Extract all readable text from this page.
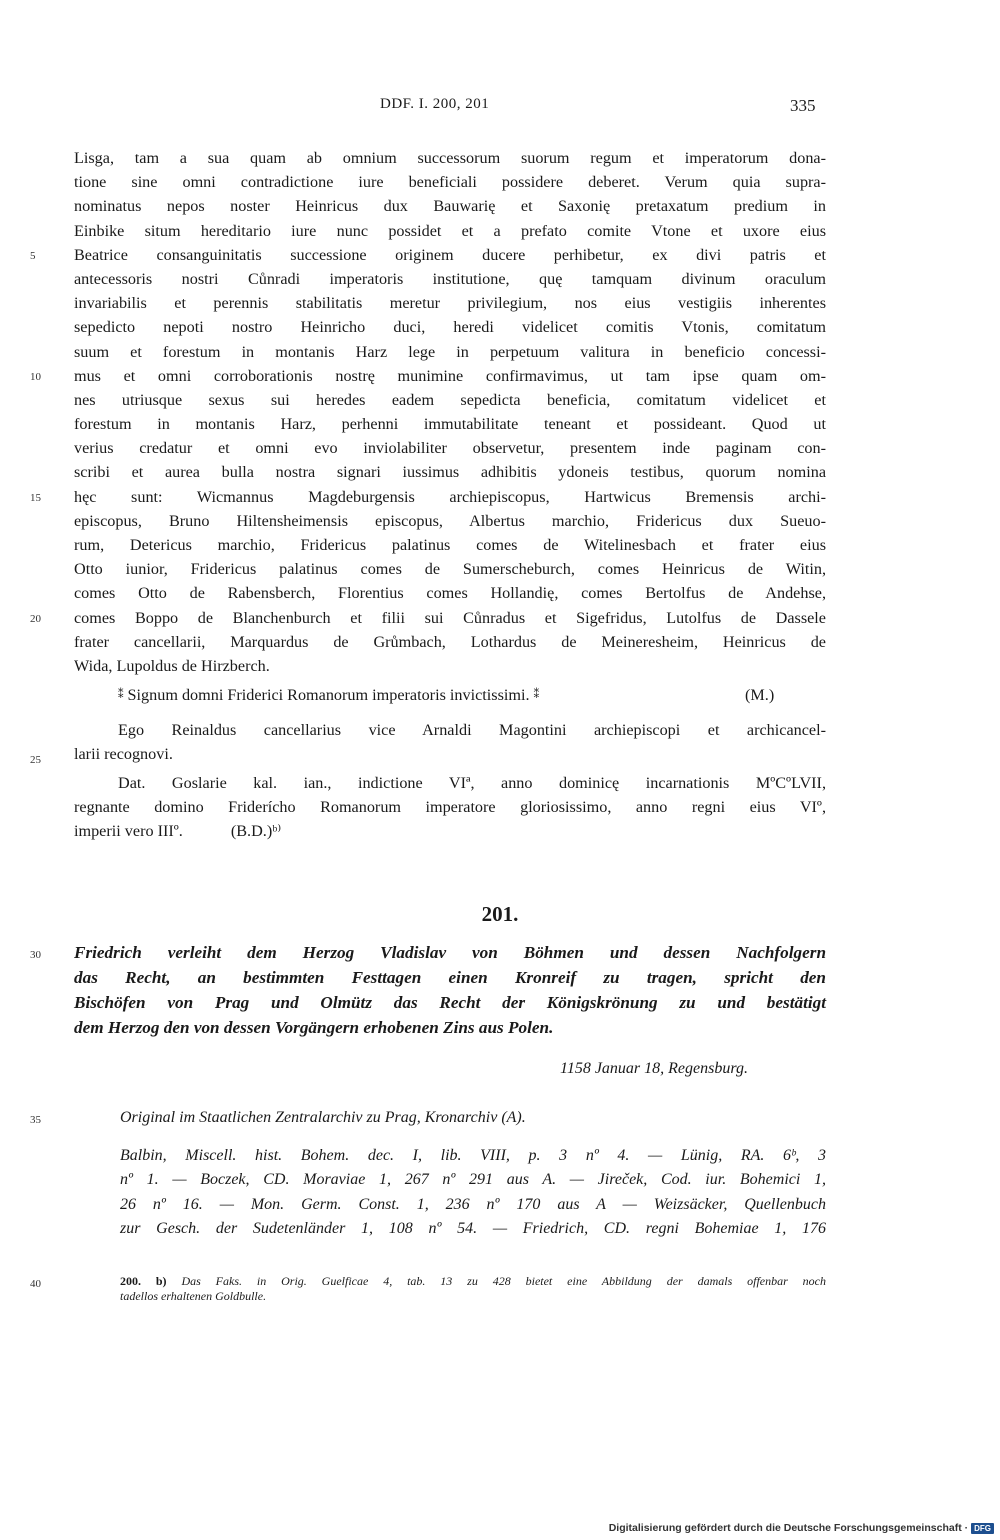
DDF. I. 200, 201	335
5
10
15
20
25
30
35
40
Lisga, tam a sua quam ab omnium successorum suorum regum et imperatorum dona-
tione sine omni contradictione iure beneficiali possidere deberet. Verum quia supra-
nominatus nepos noster Heinricus dux Bauwarię et Saxonię pretaxatum predium in
Einbike situm hereditario iure nunc possidet et a prefato comite Vtone et uxore eius
Beatrice consanguinitatis successione originem ducere perhibetur, ex divi patris et
antecessoris nostri Cůnradi imperatoris institutione, quę tamquam divinum oraculum
invariabilis et perennis stabilitatis meretur privilegium, nos eius vestigiis inherentes
sepedicto nepoti nostro Heinricho duci, heredi videlicet comitis Vtonis, comitatum
suum et forestum in montanis Harz lege in perpetuum valitura in beneficio concessi-
mus et omni corroborationis nostrę munimine confirmavimus, ut tam ipse quam om-
nes utriusque sexus sui heredes eadem sepedicta beneficia, comitatum videlicet et
forestum in montanis Harz, perhenni immutabilitate teneant et possideant. Quod ut
verius credatur et omni evo inviolabiliter observetur, presentem inde paginam con-
scribi et aurea bulla nostra signari iussimus adhibitis ydoneis testibus, quorum nomina
hęc sunt: Wicmannus Magdeburgensis archiepiscopus, Hartwicus Bremensis archi-
episcopus, Bruno Hiltensheimensis episcopus, Albertus marchio, Fridericus dux Sueuo-
rum, Detericus marchio, Fridericus palatinus comes de Witelinesbach et frater eius
Otto iunior, Fridericus palatinus comes de Sumerscheburch, comes Heinricus de Witin,
comes Otto de Rabensberch, Florentius comes Hollandię, comes Bertolfus de Andehse,
comes Boppo de Blanchenburch et filii sui Cůnradus et Sigefridus, Lutolfus de Dassele
frater cancellarii, Marquardus de Grůmbach, Lothardus de Meineresheim, Heinricus de
Wida, Lupoldus de Hirzberch.
⁑ Signum domni Friderici Romanorum imperatoris invictissimi. ⁑	(M.)
Ego Reinaldus cancellarius vice Arnaldi Magontini archiepiscopi et archicancel-
larii recognovi.
Dat. Goslarie kal. ian., indictione VIª, anno dominicę incarnationis MºCºLVII,
regnante domino Friderícho Romanorum imperatore gloriosissimo, anno regni eius VIº,
imperii vero IIIº.	(B.D.)ᵇ⁾
201.
Friedrich verleiht dem Herzog Vladislav von Böhmen und dessen Nachfolgern
das Recht, an bestimmten Festtagen einen Kronreif zu tragen, spricht den
Bischöfen von Prag und Olmütz das Recht der Königskrönung zu und bestätigt
dem Herzog den von dessen Vorgängern erhobenen Zins aus Polen.
1158 Januar 18, Regensburg.
Original im Staatlichen Zentralarchiv zu Prag, Kronarchiv (A).
Balbin, Miscell. hist. Bohem. dec. I, lib. VIII, p. 3 nº 4. — Lünig, RA. 6ᵇ, 3
nº 1. — Boczek, CD. Moraviae 1, 267 nº 291 aus A. — Jireček, Cod. iur. Bohemici 1,
26 nº 16. — Mon. Germ. Const. 1, 236 nº 170 aus A — Weizsäcker, Quellenbuch
zur Gesch. der Sudetenländer 1, 108 nº 54. — Friedrich, CD. regni Bohemiae 1, 176
200. b) Das Faks. in Orig. Guelficae 4, tab. 13 zu 428 bietet eine Abbildung der damals offenbar noch
tadellos erhaltenen Goldbulle.
Digitalisierung gefördert durch die Deutsche Forschungsgemeinschaft · DFG
